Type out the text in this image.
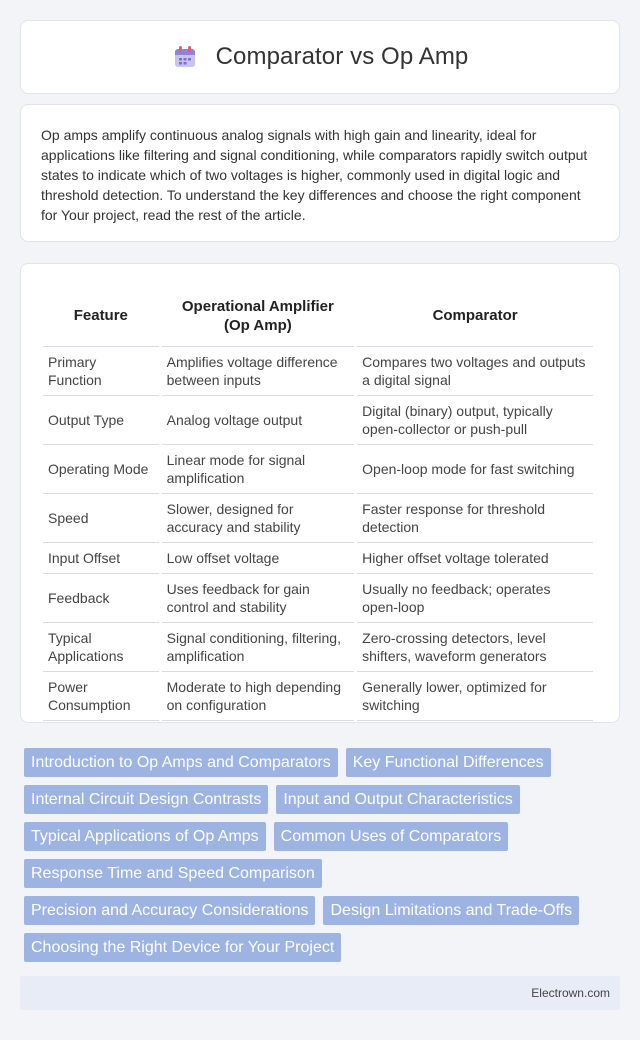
Comparator vs Op Amp

Op amps amplify continuous analog signals with high gain and linearity, ideal for applications like filtering and signal conditioning, while comparators rapidly switch output states to indicate which of two voltages is higher, commonly used in digital logic and threshold detection. To understand the key differences and choose the right component for Your project, read the rest of the article.

Feature	Operational Amplifier (Op Amp)	Comparator
Primary Function	Amplifies voltage difference between inputs	Compares two voltages and outputs a digital signal
Output Type	Analog voltage output	Digital (binary) output, typically open-collector or push-pull
Operating Mode	Linear mode for signal amplification	Open-loop mode for fast switching
Speed	Slower, designed for accuracy and stability	Faster response for threshold detection
Input Offset	Low offset voltage	Higher offset voltage tolerated
Feedback	Uses feedback for gain control and stability	Usually no feedback; operates open-loop
Typical Applications	Signal conditioning, filtering, amplification	Zero-crossing detectors, level shifters, waveform generators
Power Consumption	Moderate to high depending on configuration	Generally lower, optimized for switching
Introduction to Op Amps and Comparators	Key Functional Differences
Internal Circuit Design Contrasts	Input and Output Characteristics
Typical Applications of Op Amps	Common Uses of Comparators
Response Time and Speed Comparison
Precision and Accuracy Considerations	Design Limitations and Trade-Offs
Choosing the Right Device for Your Project
Electrown.com
